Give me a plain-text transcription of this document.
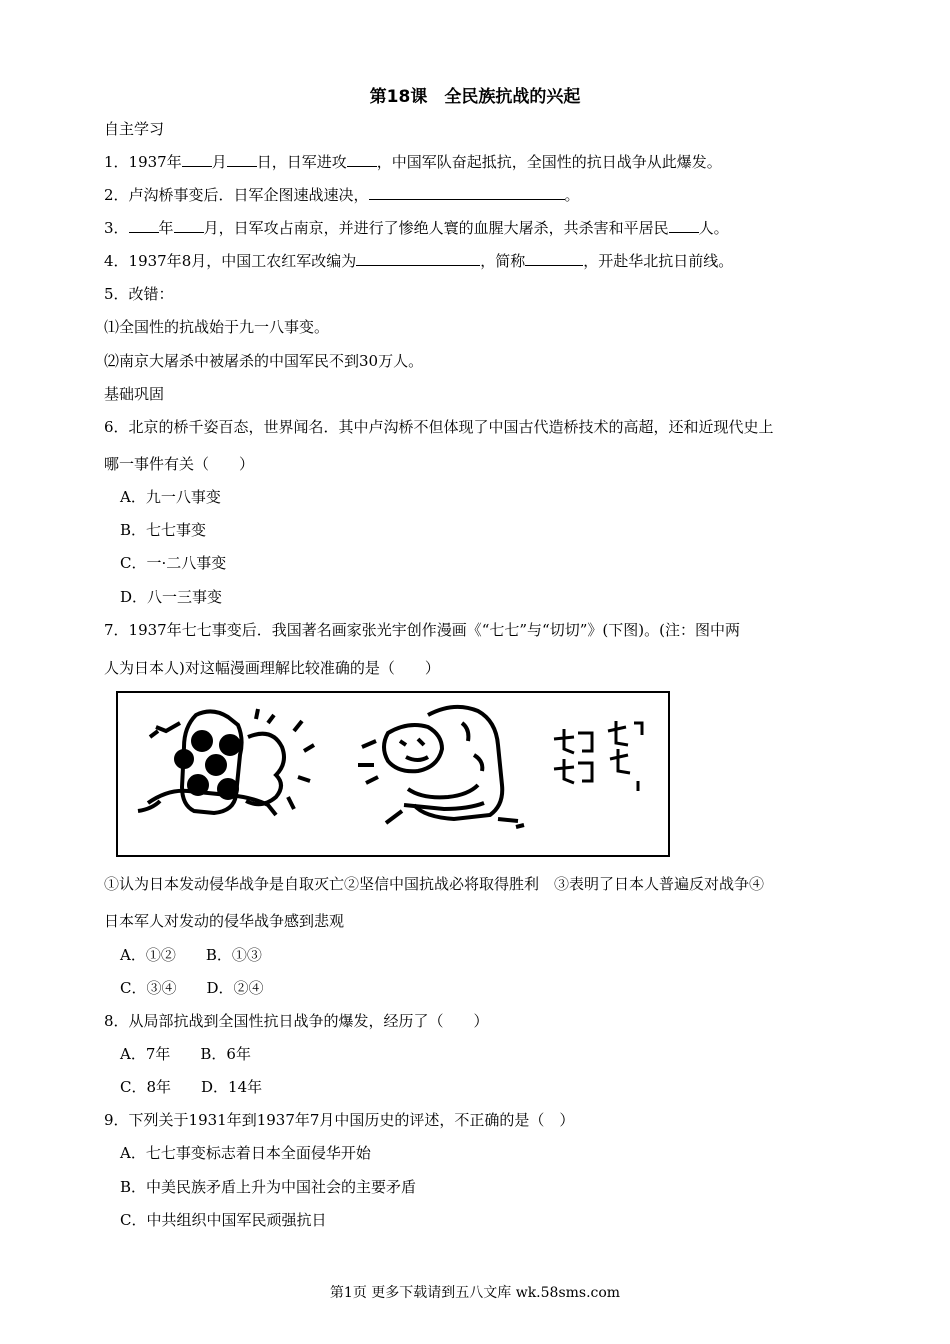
第18课　全民族抗战的兴起
自主学习
1．1937年 月 日，日军进攻 ，中国军队奋起抵抗，全国性的抗日战争从此爆发。
2．卢沟桥事变后．日军企图速战速决，	。
3． 年 月，日军攻占南京，并进行了惨绝人寰的血腥大屠杀，共杀害和平居民 人。
4．1937年8月，中国工农红军改编为	，简称	，开赴华北抗日前线。
5．改错：
⑴全国性的抗战始于九一八事变。
⑵南京大屠杀中被屠杀的中国军民不到30万人。
基础巩固
6．北京的桥千姿百态，世界闻名．其中卢沟桥不但体现了中国古代造桥技术的高超，还和近现代史上
哪一事件有关（　　）
A．九一八事变
B．七七事变
C．一·二八事变
D．八一三事变
7．1937年七七事变后．我国著名画家张光宇创作漫画《“七七”与“切切”》(下图)。(注：图中两
人为日本人)对这幅漫画理解比较准确的是（　　）
①认为日本发动侵华战争是自取灭亡②坚信中国抗战必将取得胜利　③表明了日本人普遍反对战争④
日本军人对发动的侵华战争感到悲观
A．①②　　B．①③
C．③④　　D．②④
8．从局部抗战到全国性抗日战争的爆发，经历了（　　）
A．7年　　B．6年
C．8年　　D．14年
9．下列关于1931年到1937年7月中国历史的评述，不正确的是（　）
A．七七事变标志着日本全面侵华开始
B．中美民族矛盾上升为中国社会的主要矛盾
C．中共组织中国军民顽强抗日
第1页 更多下载请到五八文库 wk.58sms.com
